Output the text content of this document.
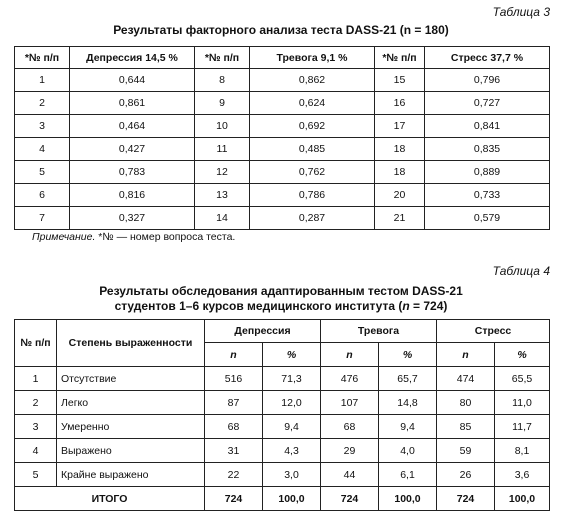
Таблица 3
Результаты факторного анализа теста DASS-21 (n = 180)
*№ п/п	Депрессия 14,5 %	*№ п/п	Тревога 9,1 %	*№ п/п	Стресс 37,7 %
1	0,644	8	0,862	15	0,796
2	0,861	9	0,624	16	0,727
3	0,464	10	0,692	17	0,841
4	0,427	11	0,485	18	0,835
5	0,783	12	0,762	18	0,889
6	0,816	13	0,786	20	0,733
7	0,327	14	0,287	21	0,579
Примечание. *№ — номер вопроса теста.
Таблица 4
Результаты обследования адаптированным тестом DASS-21
студентов 1–6 курсов медицинского института (n = 724)
№ п/п	Степень выраженности	Депрессия		Тревога		Стресс	
		n	%	n	%	n	%
1	Отсутствие	516	71,3	476	65,7	474	65,5
2	Легко	87	12,0	107	14,8	80	11,0
3	Умеренно	68	9,4	68	9,4	85	11,7
4	Выражено	31	4,3	29	4,0	59	8,1
5	Крайне выражено	22	3,0	44	6,1	26	3,6
ИТОГО		724	100,0	724	100,0	724	100,0
